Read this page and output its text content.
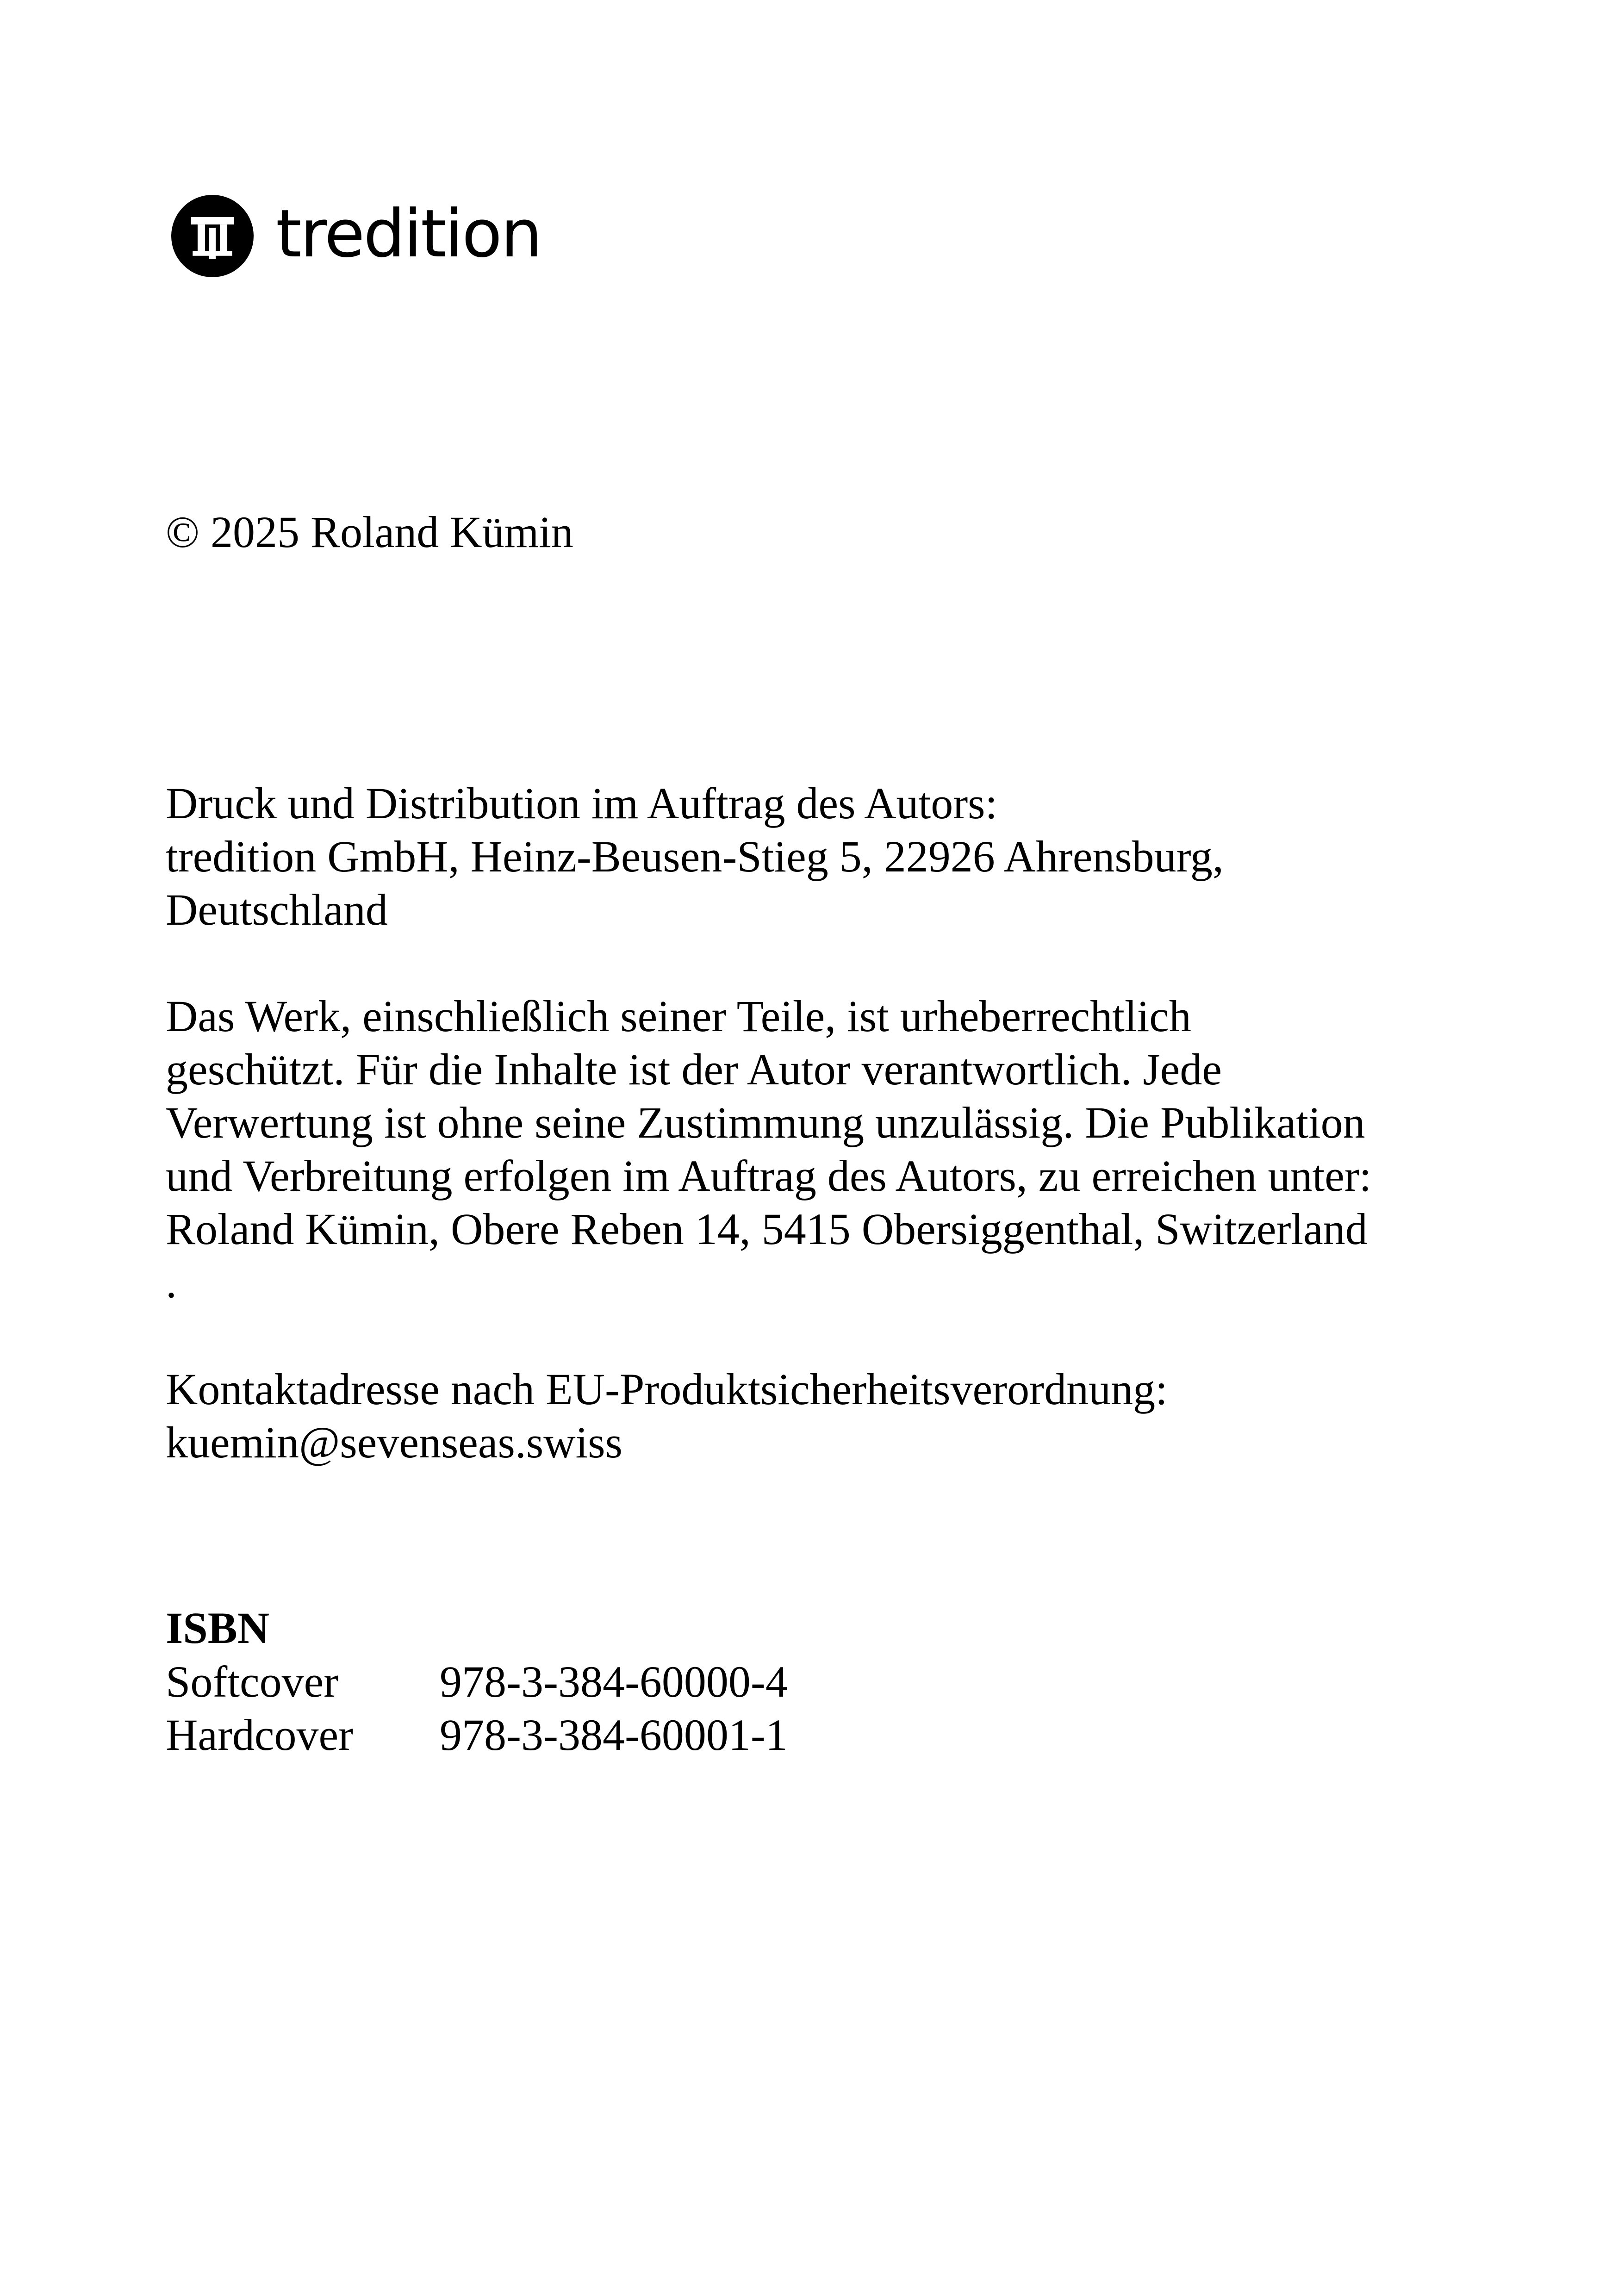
tredition

© 2025 Roland Kümin

Druck und Distribution im Auftrag des Autors:
tredition GmbH, Heinz-Beusen-Stieg 5, 22926 Ahrensburg,
Deutschland

Das Werk, einschließlich seiner Teile, ist urheberrechtlich
geschützt. Für die Inhalte ist der Autor verantwortlich. Jede
Verwertung ist ohne seine Zustimmung unzulässig. Die Publikation
und Verbreitung erfolgen im Auftrag des Autors, zu erreichen unter:
Roland Kümin, Obere Reben 14, 5415 Obersiggenthal, Switzerland
.

Kontaktadresse nach EU-Produktsicherheitsverordnung:
kuemin@sevenseas.swiss

ISBN

Softcover	978-3-384-60000-4
Hardcover	978-3-384-60001-1
